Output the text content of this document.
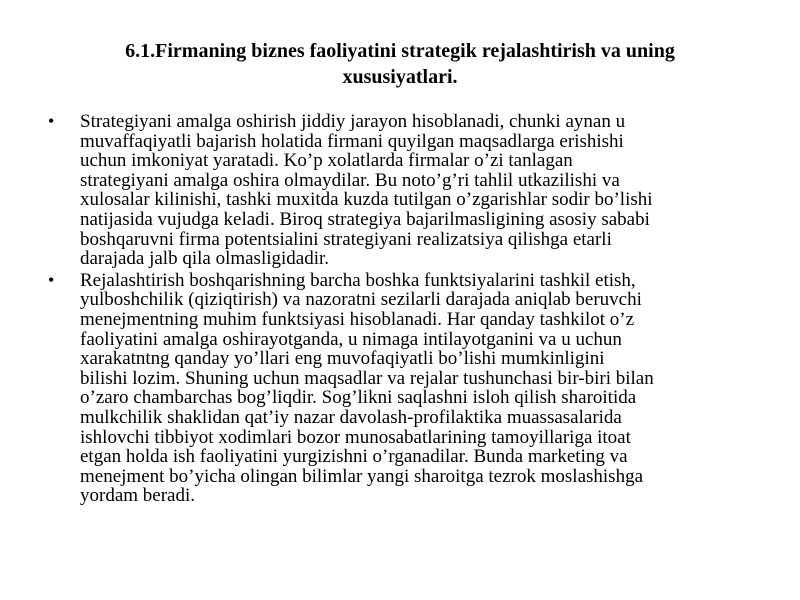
6.1.Firmaning biznes faoliyatini strategik rejalashtirish va uning
xususiyatlari.
• Strategiyani amalga oshirish jiddiy jarayon hisoblanadi, chunki aynan u
muvaffaqiyatli bajarish holatida firmani quyilgan maqsadlarga erishishi
uchun imkoniyat yaratadi. Ko’p xolatlarda firmalar o’zi tanlagan
strategiyani amalga oshira olmaydilar. Bu noto’g’ri tahlil utkazilishi va
xulosalar kilinishi, tashki muxitda kuzda tutilgan o’zgarishlar sodir bo’lishi
natijasida vujudga keladi. Biroq strategiya bajarilmasligining asosiy sababi
boshqaruvni firma potentsialini strategiyani realizatsiya qilishga etarli
darajada jalb qila olmasligidadir.
• Rejalashtirish boshqarishning barcha boshka funktsiyalarini tashkil etish,
yulboshchilik (qiziqtirish) va nazoratni sezilarli darajada aniqlab beruvchi
menejmentning muhim funktsiyasi hisoblanadi. Har qanday tashkilot o’z
faoliyatini amalga oshirayotganda, u nimaga intilayotganini va u uchun
xarakatntng qanday yo’llari eng muvofaqiyatli bo’lishi mumkinligini
bilishi lozim. Shuning uchun maqsadlar va rejalar tushunchasi bir-biri bilan
o’zaro chambarchas bog’liqdir. Sog’likni saqlashni isloh qilish sharoitida
mulkchilik shaklidan qat’iy nazar davolash-profilaktika muassasalarida
ishlovchi tibbiyot xodimlari bozor munosabatlarining tamoyillariga itoat
etgan holda ish faoliyatini yurgizishni o’rganadilar. Bunda marketing va
menejment bo’yicha olingan bilimlar yangi sharoitga tezrok moslashishga
yordam beradi.
